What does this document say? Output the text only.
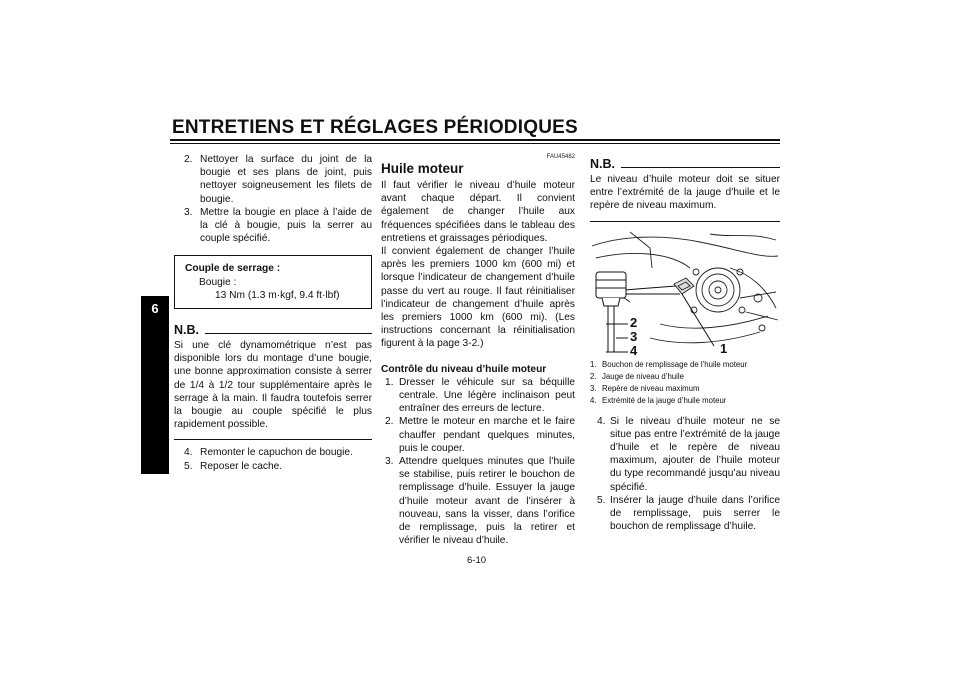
ENTRETIENS ET RÉGLAGES PÉRIODIQUES
6
2. Nettoyer la surface du joint de la bougie et ses plans de joint, puis nettoyer soigneusement les filets de bougie.
3. Mettre la bougie en place à l’aide de la clé à bougie, puis la serrer au couple spécifié.
Couple de serrage :
Bougie :
13 Nm (1.3 m·kgf, 9.4 ft·lbf)
N.B.
Si une clé dynamométrique n’est pas disponible lors du montage d’une bougie, une bonne approximation consiste à serrer de 1/4 à 1/2 tour supplémentaire après le serrage à la main. Il faudra toutefois serrer la bougie au couple spécifié le plus rapidement possible.
4. Remonter le capuchon de bougie.
5. Reposer le cache.
FAU45482
Huile moteur
Il faut vérifier le niveau d’huile moteur avant chaque départ. Il convient également de changer l’huile aux fréquences spécifiées dans le tableau des entretiens et graissages périodiques.
Il convient également de changer l’huile après les premiers 1000 km (600 mi) et lorsque l’indicateur de changement d’huile passe du vert au rouge. Il faut réinitialiser l’indicateur de changement d’huile après les premiers 1000 km (600 mi). (Les instructions concernant la réinitialisation figurent à la page 3-2.)
Contrôle du niveau d’huile moteur
1. Dresser le véhicule sur sa béquille centrale. Une légère inclinaison peut entraîner des erreurs de lecture.
2. Mettre le moteur en marche et le faire chauffer pendant quelques minutes, puis le couper.
3. Attendre quelques minutes que l’huile se stabilise, puis retirer le bouchon de remplissage d’huile. Essuyer la jauge d’huile moteur avant de l’insérer à nouveau, sans la visser, dans l’orifice de remplissage, puis la retirer et vérifier le niveau d’huile.
N.B.
Le niveau d’huile moteur doit se situer entre l’extrémité de la jauge d’huile et le repère de niveau maximum.
2
3
4	1
1. Bouchon de remplissage de l’huile moteur
2. Jauge de niveau d’huile
3. Repère de niveau maximum
4. Extrémité de la jauge d’huile moteur
4. Si le niveau d’huile moteur ne se situe pas entre l’extrémité de la jauge d’huile et le repère de niveau maximum, ajouter de l’huile moteur du type recommandé jusqu’au niveau spécifié.
5. Insérer la jauge d’huile dans l’orifice de remplissage, puis serrer le bouchon de remplissage d’huile.
6-10
